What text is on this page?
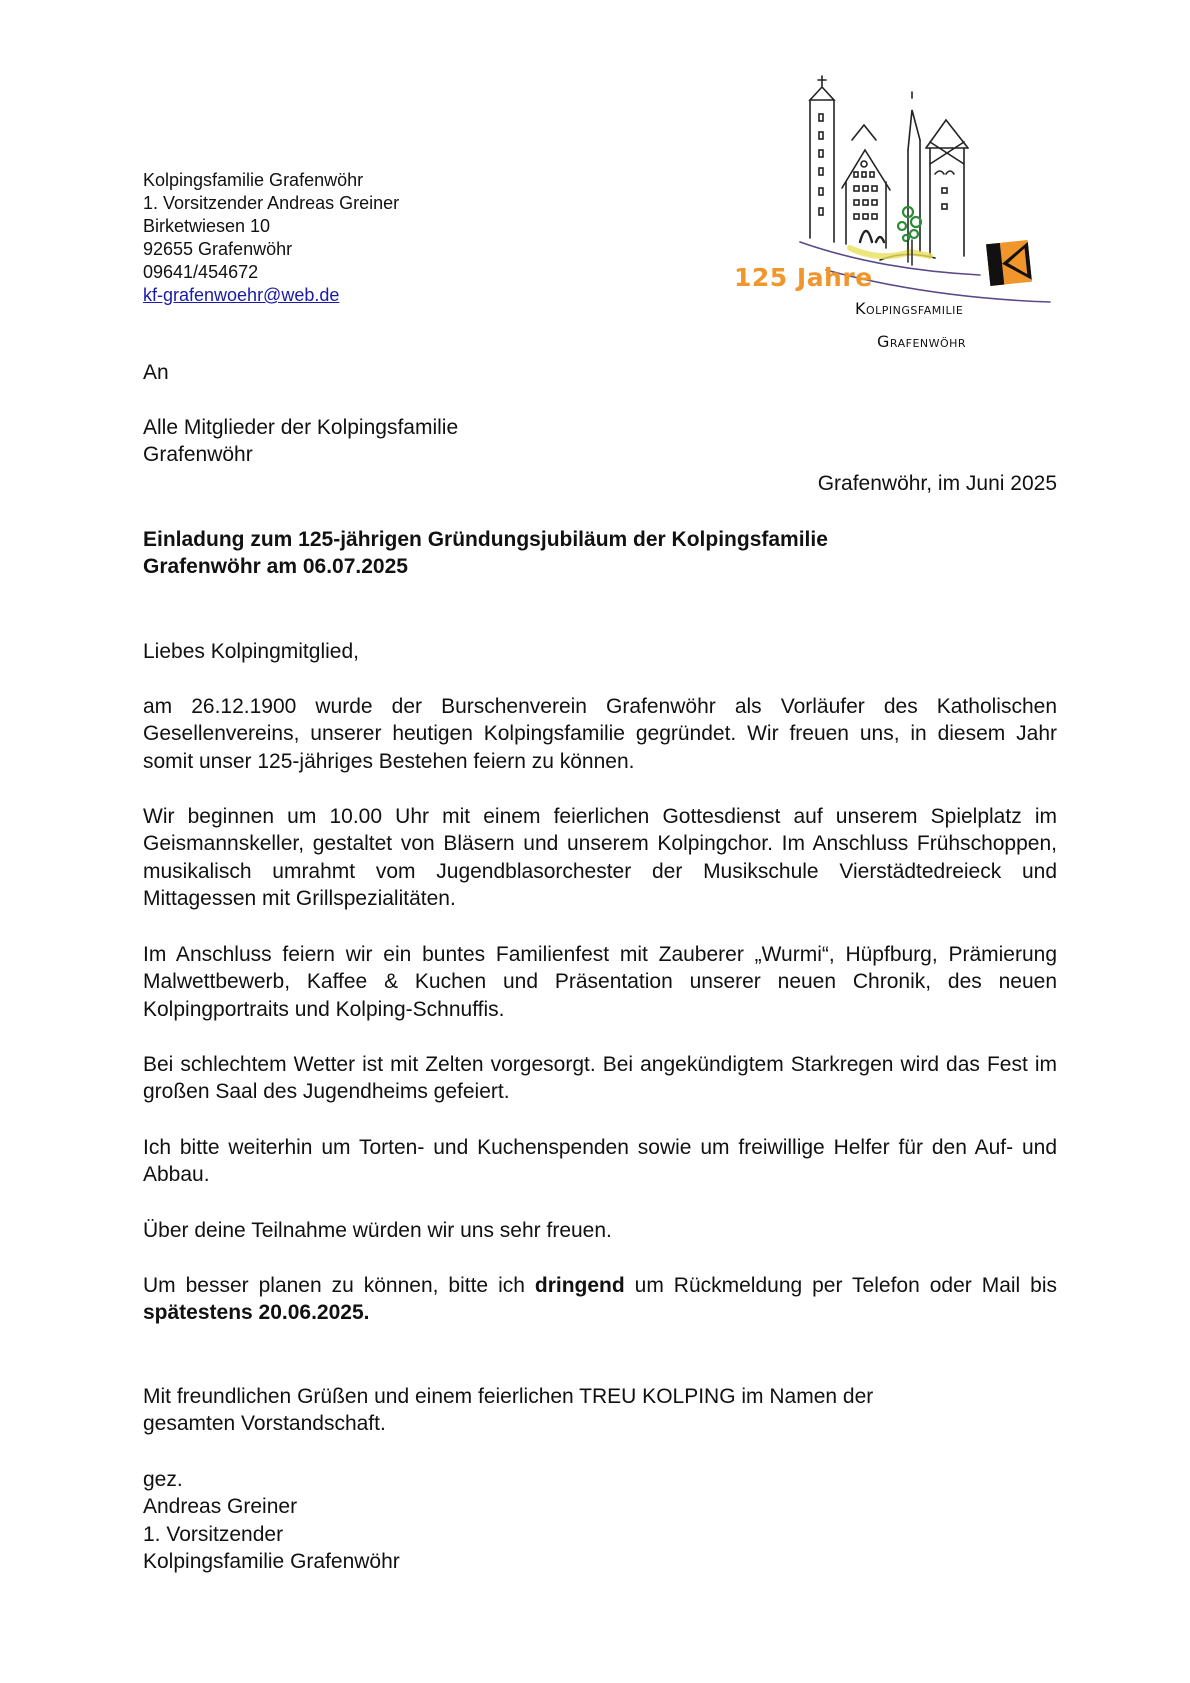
Kolpingsfamilie Grafenwöhr
1. Vorsitzender Andreas Greiner
Birketwiesen 10
92655 Grafenwöhr
09641/454672
kf-grafenwoehr@web.de
125 Jahre
Kolpingsfamilie
Grafenwöhr
An
Alle Mitglieder der Kolpingsfamilie
Grafenwöhr
Grafenwöhr, im Juni 2025
Einladung zum 125-jährigen Gründungsjubiläum der Kolpingsfamilie
Grafenwöhr am 06.07.2025

Liebes Kolpingmitglied,

am 26.12.1900 wurde der Burschenverein Grafenwöhr als Vorläufer des Katholischen Gesellenvereins, unserer heutigen Kolpingsfamilie gegründet. Wir freuen uns, in diesem Jahr somit unser 125-jähriges Bestehen feiern zu können.

Wir beginnen um 10.00 Uhr mit einem feierlichen Gottesdienst auf unserem Spielplatz im Geismannskeller, gestaltet von Bläsern und unserem Kolpingchor. Im Anschluss Frühschoppen, musikalisch umrahmt vom Jugendblasorchester der Musikschule Vierstädtedreieck und Mittagessen mit Grillspezialitäten.

Im Anschluss feiern wir ein buntes Familienfest mit Zauberer „Wurmi“, Hüpfburg, Prämierung Malwettbewerb, Kaffee & Kuchen und Präsentation unserer neuen Chronik, des neuen Kolpingportraits und Kolping-Schnuffis.

Bei schlechtem Wetter ist mit Zelten vorgesorgt. Bei angekündigtem Starkregen wird das Fest im großen Saal des Jugendheims gefeiert.

Ich bitte weiterhin um Torten- und Kuchenspenden sowie um freiwillige Helfer für den Auf- und Abbau.

Über deine Teilnahme würden wir uns sehr freuen.

Um besser planen zu können, bitte ich dringend um Rückmeldung per Telefon oder Mail bis spätestens 20.06.2025.

Mit freundlichen Grüßen und einem feierlichen TREU KOLPING im Namen der
gesamten Vorstandschaft.
gez.
Andreas Greiner
1. Vorsitzender
Kolpingsfamilie Grafenwöhr
